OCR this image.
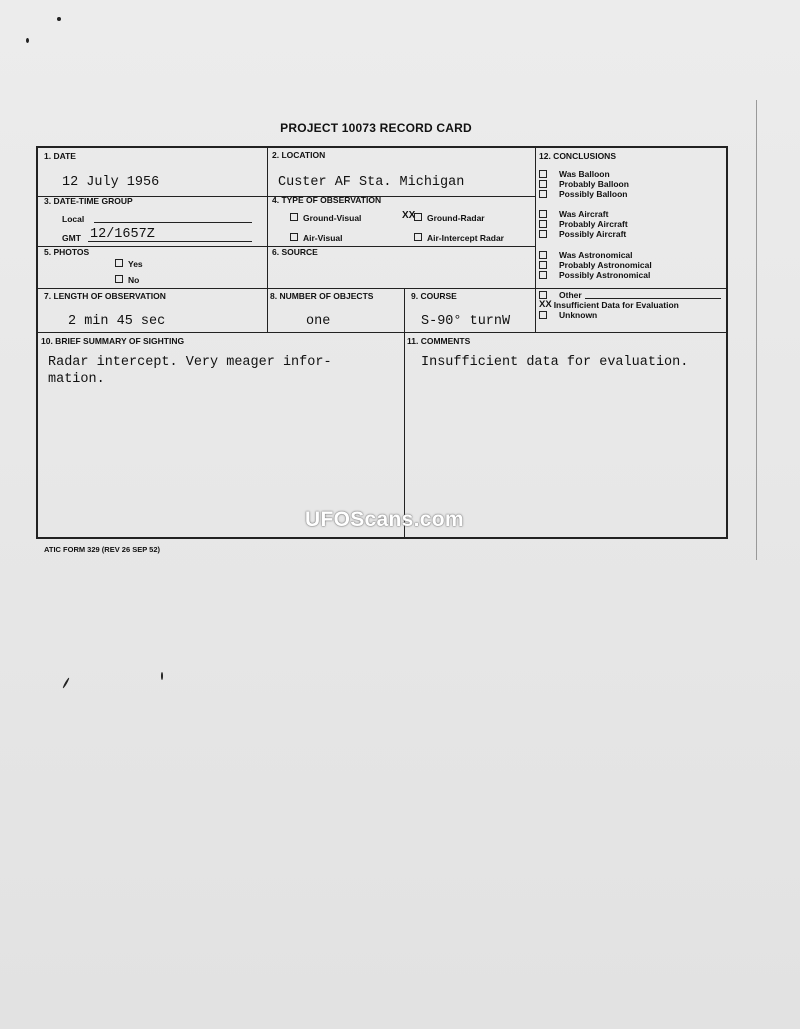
PROJECT 10073 RECORD CARD
1. DATE
12 July 1956
2. LOCATION
Custer AF Sta. Michigan
3. DATE-TIME GROUP
Local
GMT 12/1657Z
4. TYPE OF OBSERVATION
Ground-Visual	XX	Ground-Radar
Air-Visual	Air-Intercept Radar
5. PHOTOS
Yes
No
6. SOURCE
7. LENGTH OF OBSERVATION
2 min 45 sec
8. NUMBER OF OBJECTS
one
9. COURSE
S-90° turnW
10. BRIEF SUMMARY OF SIGHTING
Radar intercept. Very meager infor-
mation.
11. COMMENTS
Insufficient data for evaluation.
12. CONCLUSIONS
Was Balloon
Probably Balloon
Possibly Balloon
Was Aircraft
Probably Aircraft
Possibly Aircraft
Was Astronomical
Probably Astronomical
Possibly Astronomical
Other
XX Insufficient Data for Evaluation
Unknown
ATIC FORM 329 (REV 26 SEP 52)
UFOScans.com
